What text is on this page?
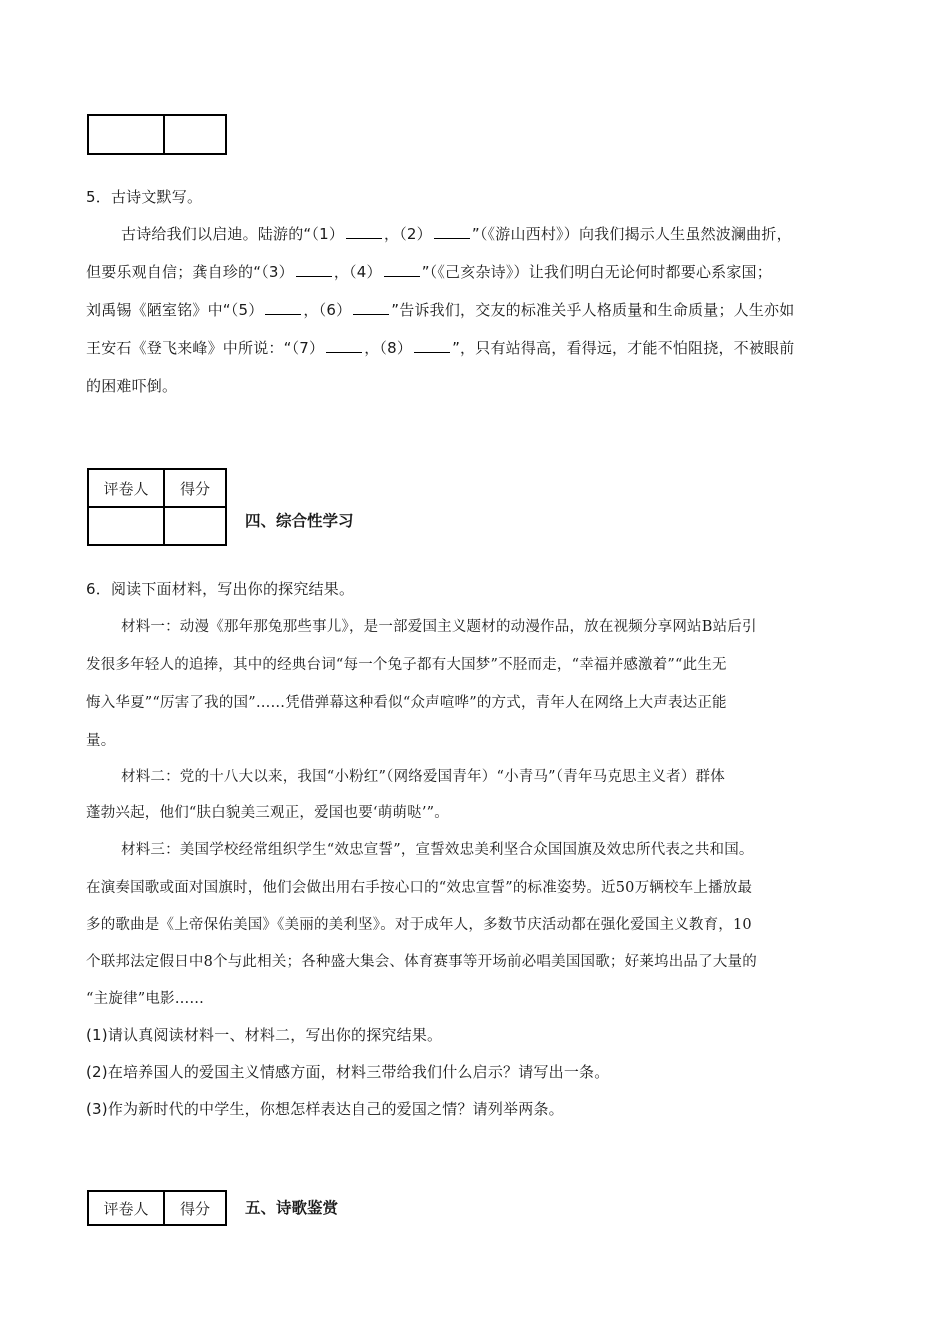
5．古诗文默写。
古诗给我们以启迪。陆游的“（1）	，（2）	”（《游山西村》）向我们揭示人生虽然波澜曲折，
但要乐观自信；龚自珍的“（3）	，（4）	”（《己亥杂诗》）让我们明白无论何时都要心系家国；
刘禹锡《陋室铭》中“（5）	，（6）	”告诉我们，交友的标准关乎人格质量和生命质量；人生亦如
王安石《登飞来峰》中所说：“（7）	，（8）	”，只有站得高，看得远，才能不怕阻挠，不被眼前
的困难吓倒。
评卷人	得分

四、综合性学习
6．阅读下面材料，写出你的探究结果。
材料一：动漫《那年那兔那些事儿》，是一部爱国主义题材的动漫作品，放在视频分享网站B站后引
发很多年轻人的追捧，其中的经典台词“每一个兔子都有大国梦”不胫而走，“幸福并感激着”“此生无
悔入华夏”“厉害了我的国”……凭借弹幕这种看似“众声喧哗”的方式，青年人在网络上大声表达正能
量。
材料二：党的十八大以来，我国“小粉红”（网络爱国青年）“小青马”（青年马克思主义者）群体
蓬勃兴起，他们“肤白貌美三观正，爱国也要‘萌萌哒’”。
材料三：美国学校经常组织学生“效忠宣誓”，宣誓效忠美利坚合众国国旗及效忠所代表之共和国。
在演奏国歌或面对国旗时，他们会做出用右手按心口的“效忠宣誓”的标准姿势。近50万辆校车上播放最
多的歌曲是《上帝保佑美国》《美丽的美利坚》。对于成年人，多数节庆活动都在强化爱国主义教育，10
个联邦法定假日中8个与此相关；各种盛大集会、体育赛事等开场前必唱美国国歌；好莱坞出品了大量的
“主旋律”电影……
(1)请认真阅读材料一、材料二，写出你的探究结果。
(2)在培养国人的爱国主义情感方面，材料三带给我们什么启示？请写出一条。
(3)作为新时代的中学生，你想怎样表达自己的爱国之情？请列举两条。
评卷人	得分 五、诗歌鉴赏
